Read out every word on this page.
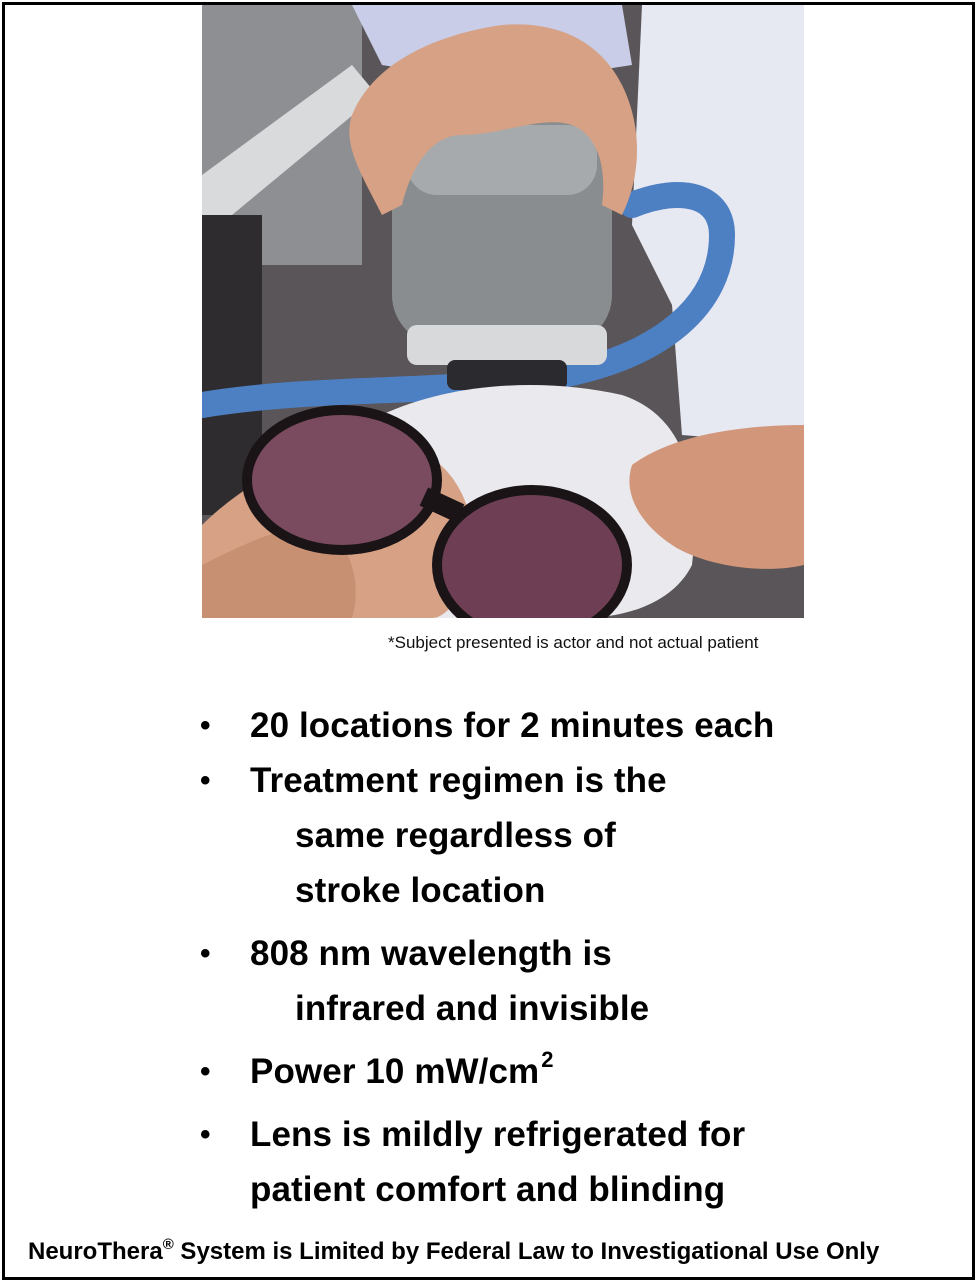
*Subject presented is actor and not actual patient
• 20 locations for 2 minutes each
• Treatment regimen is the
same regardless of
stroke location
• 808 nm wavelength is
infrared and invisible
• Power 10 $mW/cm^2$
• Lens is mildly refrigerated for
patient comfort and blinding
NeuroThera® System is Limited by Federal Law to Investigational Use Only
